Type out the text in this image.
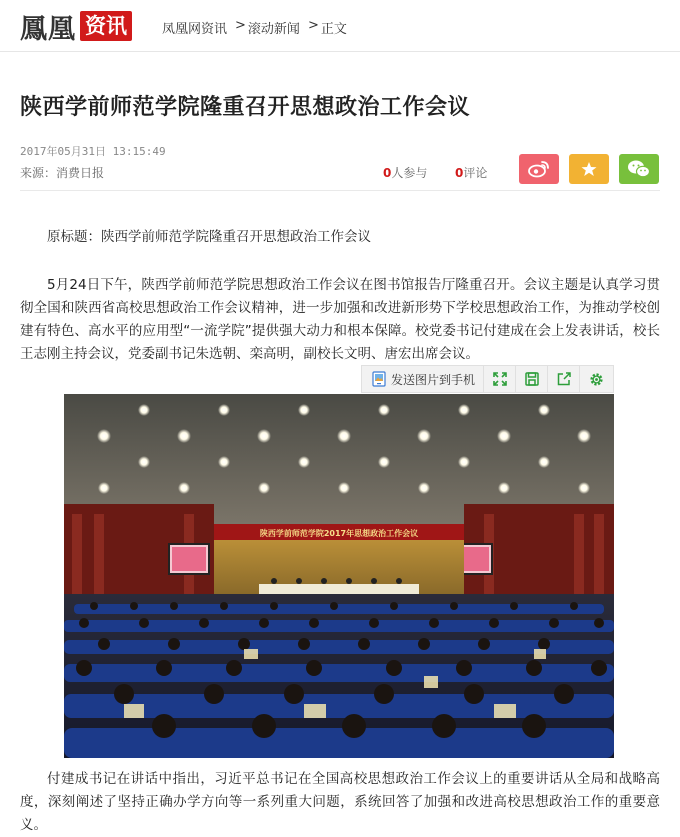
鳳凰 资讯	凤凰网资讯 > 滚动新闻 > 正文
陕西学前师范学院隆重召开思想政治工作会议
2017年05月31日 13:15:49
来源：消费日报	0人参与 0评论

原标题：陕西学前师范学院隆重召开思想政治工作会议

5月24日下午，陕西学前师范学院思想政治工作会议在图书馆报告厅隆重召开。会议主题是认真学习贯彻全国和陕西省高校思想政治工作会议精神，进一步加强和改进新形势下学校思想政治工作，为推动学校创建有特色、高水平的应用型“一流学院”提供强大动力和根本保障。校党委书记付建成在会上发表讲话，校长王志刚主持会议，党委副书记朱选朝、栾高明，副校长文明、唐宏出席会议。

发送图片到手机
陕西学前师范学院2017年思想政治工作会议

付建成书记在讲话中指出，习近平总书记在全国高校思想政治工作会议上的重要讲话从全局和战略高度，深刻阐述了坚持正确办学方向等一系列重大问题，系统回答了加强和改进高校思想政治工作的重要意义。
